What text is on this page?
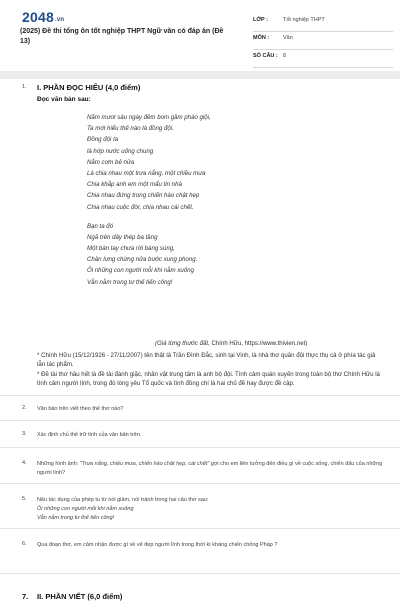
2048.vn
(2025) Đề thi tổng ôn tốt nghiệp THPT Ngữ văn có đáp án (Đề 13)
LỚP :	Tốt nghiệp THPT
MÔN :	Văn
SỐ CÂU : 8
1. I. PHẦN ĐỌC HIỂU (4,0 điểm)
Đọc văn bản sau:
Năm mươi sáu ngày đêm bom gầm pháo giội,
Ta mới hiểu thế nào là đồng đội.
Đồng đội ta
là hớp nước uống chung
Nắm cơm bẻ nửa
Là chia nhau một trưa nắng, một chiều mưa
Chia khắp anh em một mẩu tin nhà
Chia nhau đứng trong chiến hào chật hẹp
Chia nhau cuộc đời, chia nhau cái chết.
Bạn ta đó
Ngã trên dây thép ba tầng
Một bàn tay chưa rời báng súng,
Chân lưng chừng nửa bước xung phong.
Ôi những con người mỗi khi nằm xuống
Vẫn nằm trong tư thế tiến công!
(Giá từng thước đất, Chính Hữu, https://www.thivien.net)
* Chính Hữu (15/12/1926 - 27/11/2007) tên thật là Trần Đình Đắc, sinh tại Vinh, là nhà thơ quân đội thực thụ cả ở phía tác giả lẫn tác phẩm.
* Đề tài thơ hầu hết là đề tài đánh giặc, nhân vật trung tâm là anh bộ đội. Tình cảm quán xuyến trong toàn bộ thơ Chính Hữu là tình cảm người lính, trong đó lòng yêu Tổ quốc và tình đồng chí là hai chủ đề hay được đề cập.
2. Văn bản trên viết theo thể thơ nào?
3. Xác định chủ thể trữ tình của văn bản trên.
4. Những hình ảnh: "Trưa nắng, chiều mưa, chiến hào chật hẹp, cái chết" gợi cho em liên tưởng đến điều gì về cuộc sống, chiến đấu của những người lính?
5. Nêu tác dụng của phép tu từ nói giảm, nói tránh trong hai câu thơ sau:
Ôi những con người mỗi khi nằm xuống
Vẫn nằm trong tư thế tiến công!
6. Qua đoạn thơ, em cảm nhận được gì về vẻ đẹp người lính trong thời kì kháng chiến chống Pháp ?
7. II. PHẦN VIẾT (6,0 điểm)
